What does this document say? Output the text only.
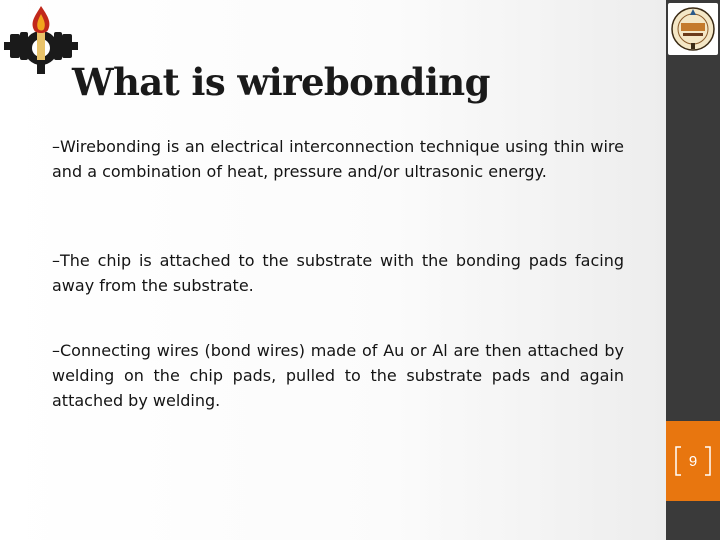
What is wirebonding

–Wirebonding is an electrical interconnection technique using thin wire and a combination of heat, pressure and/or ultrasonic energy.

–The chip is attached to the substrate with the bonding pads facing away from the substrate.

–Connecting wires (bond wires) made of Au or Al are then attached by welding on the chip pads, pulled to the substrate pads and again attached by welding.

9
